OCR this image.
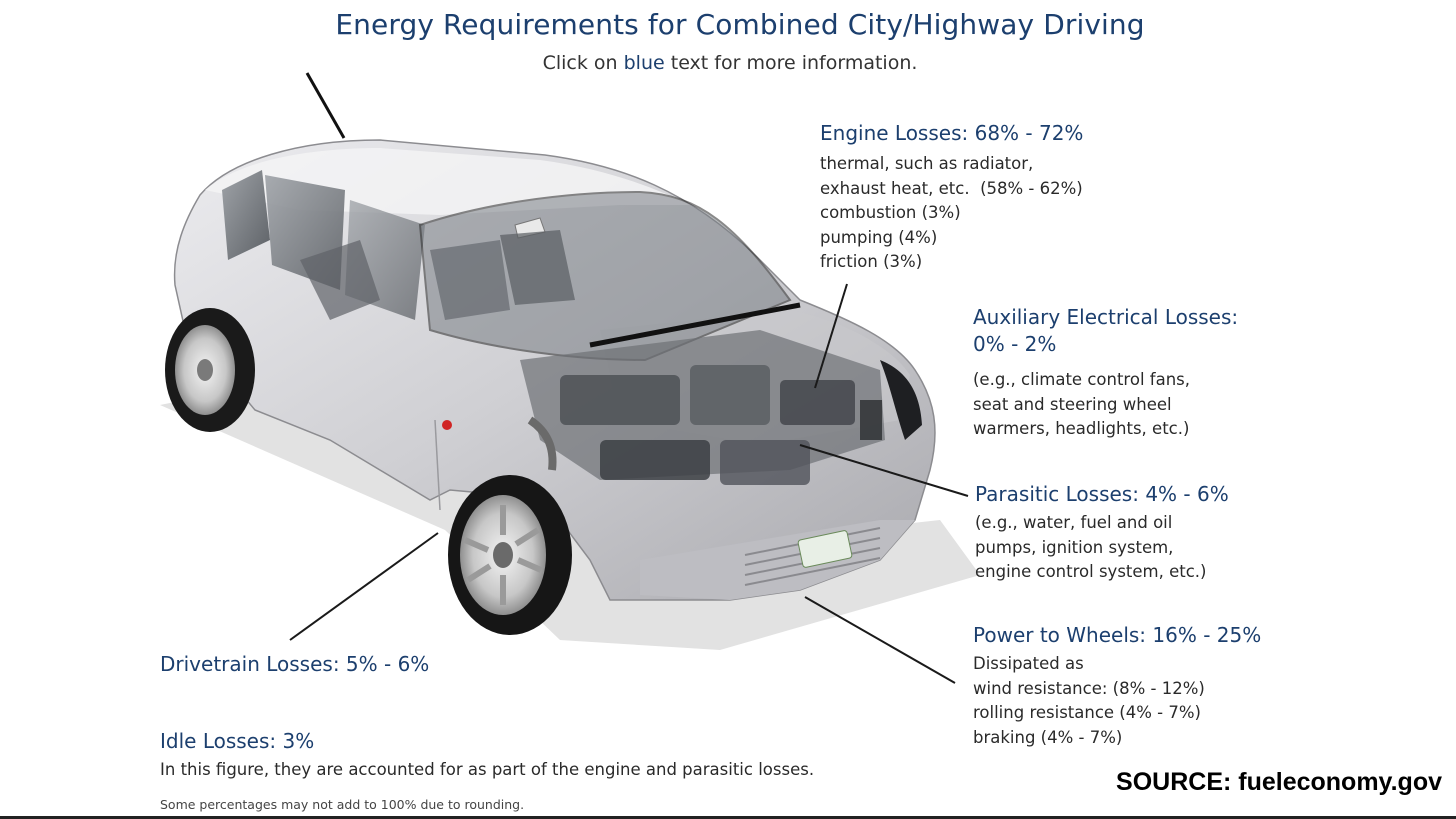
Energy Requirements for Combined City/Highway Driving
Click on blue text for more information.
Engine Losses: 68% - 72%
thermal, such as radiator,
exhaust heat, etc.  (58% - 62%)
combustion (3%)
pumping (4%)
friction (3%)
Auxiliary Electrical Losses:
0% - 2%
(e.g., climate control fans,
seat and steering wheel
warmers, headlights, etc.)
Parasitic Losses: 4% - 6%
(e.g., water, fuel and oil
pumps, ignition system,
engine control system, etc.)
Power to Wheels: 16% - 25%
Dissipated as
wind resistance: (8% - 12%)
rolling resistance (4% - 7%)
braking (4% - 7%)
Drivetrain Losses: 5% - 6%
Idle Losses: 3%
In this figure, they are accounted for as part of the engine and parasitic losses.
Some percentages may not add to 100% due to rounding.
SOURCE: fueleconomy.gov
